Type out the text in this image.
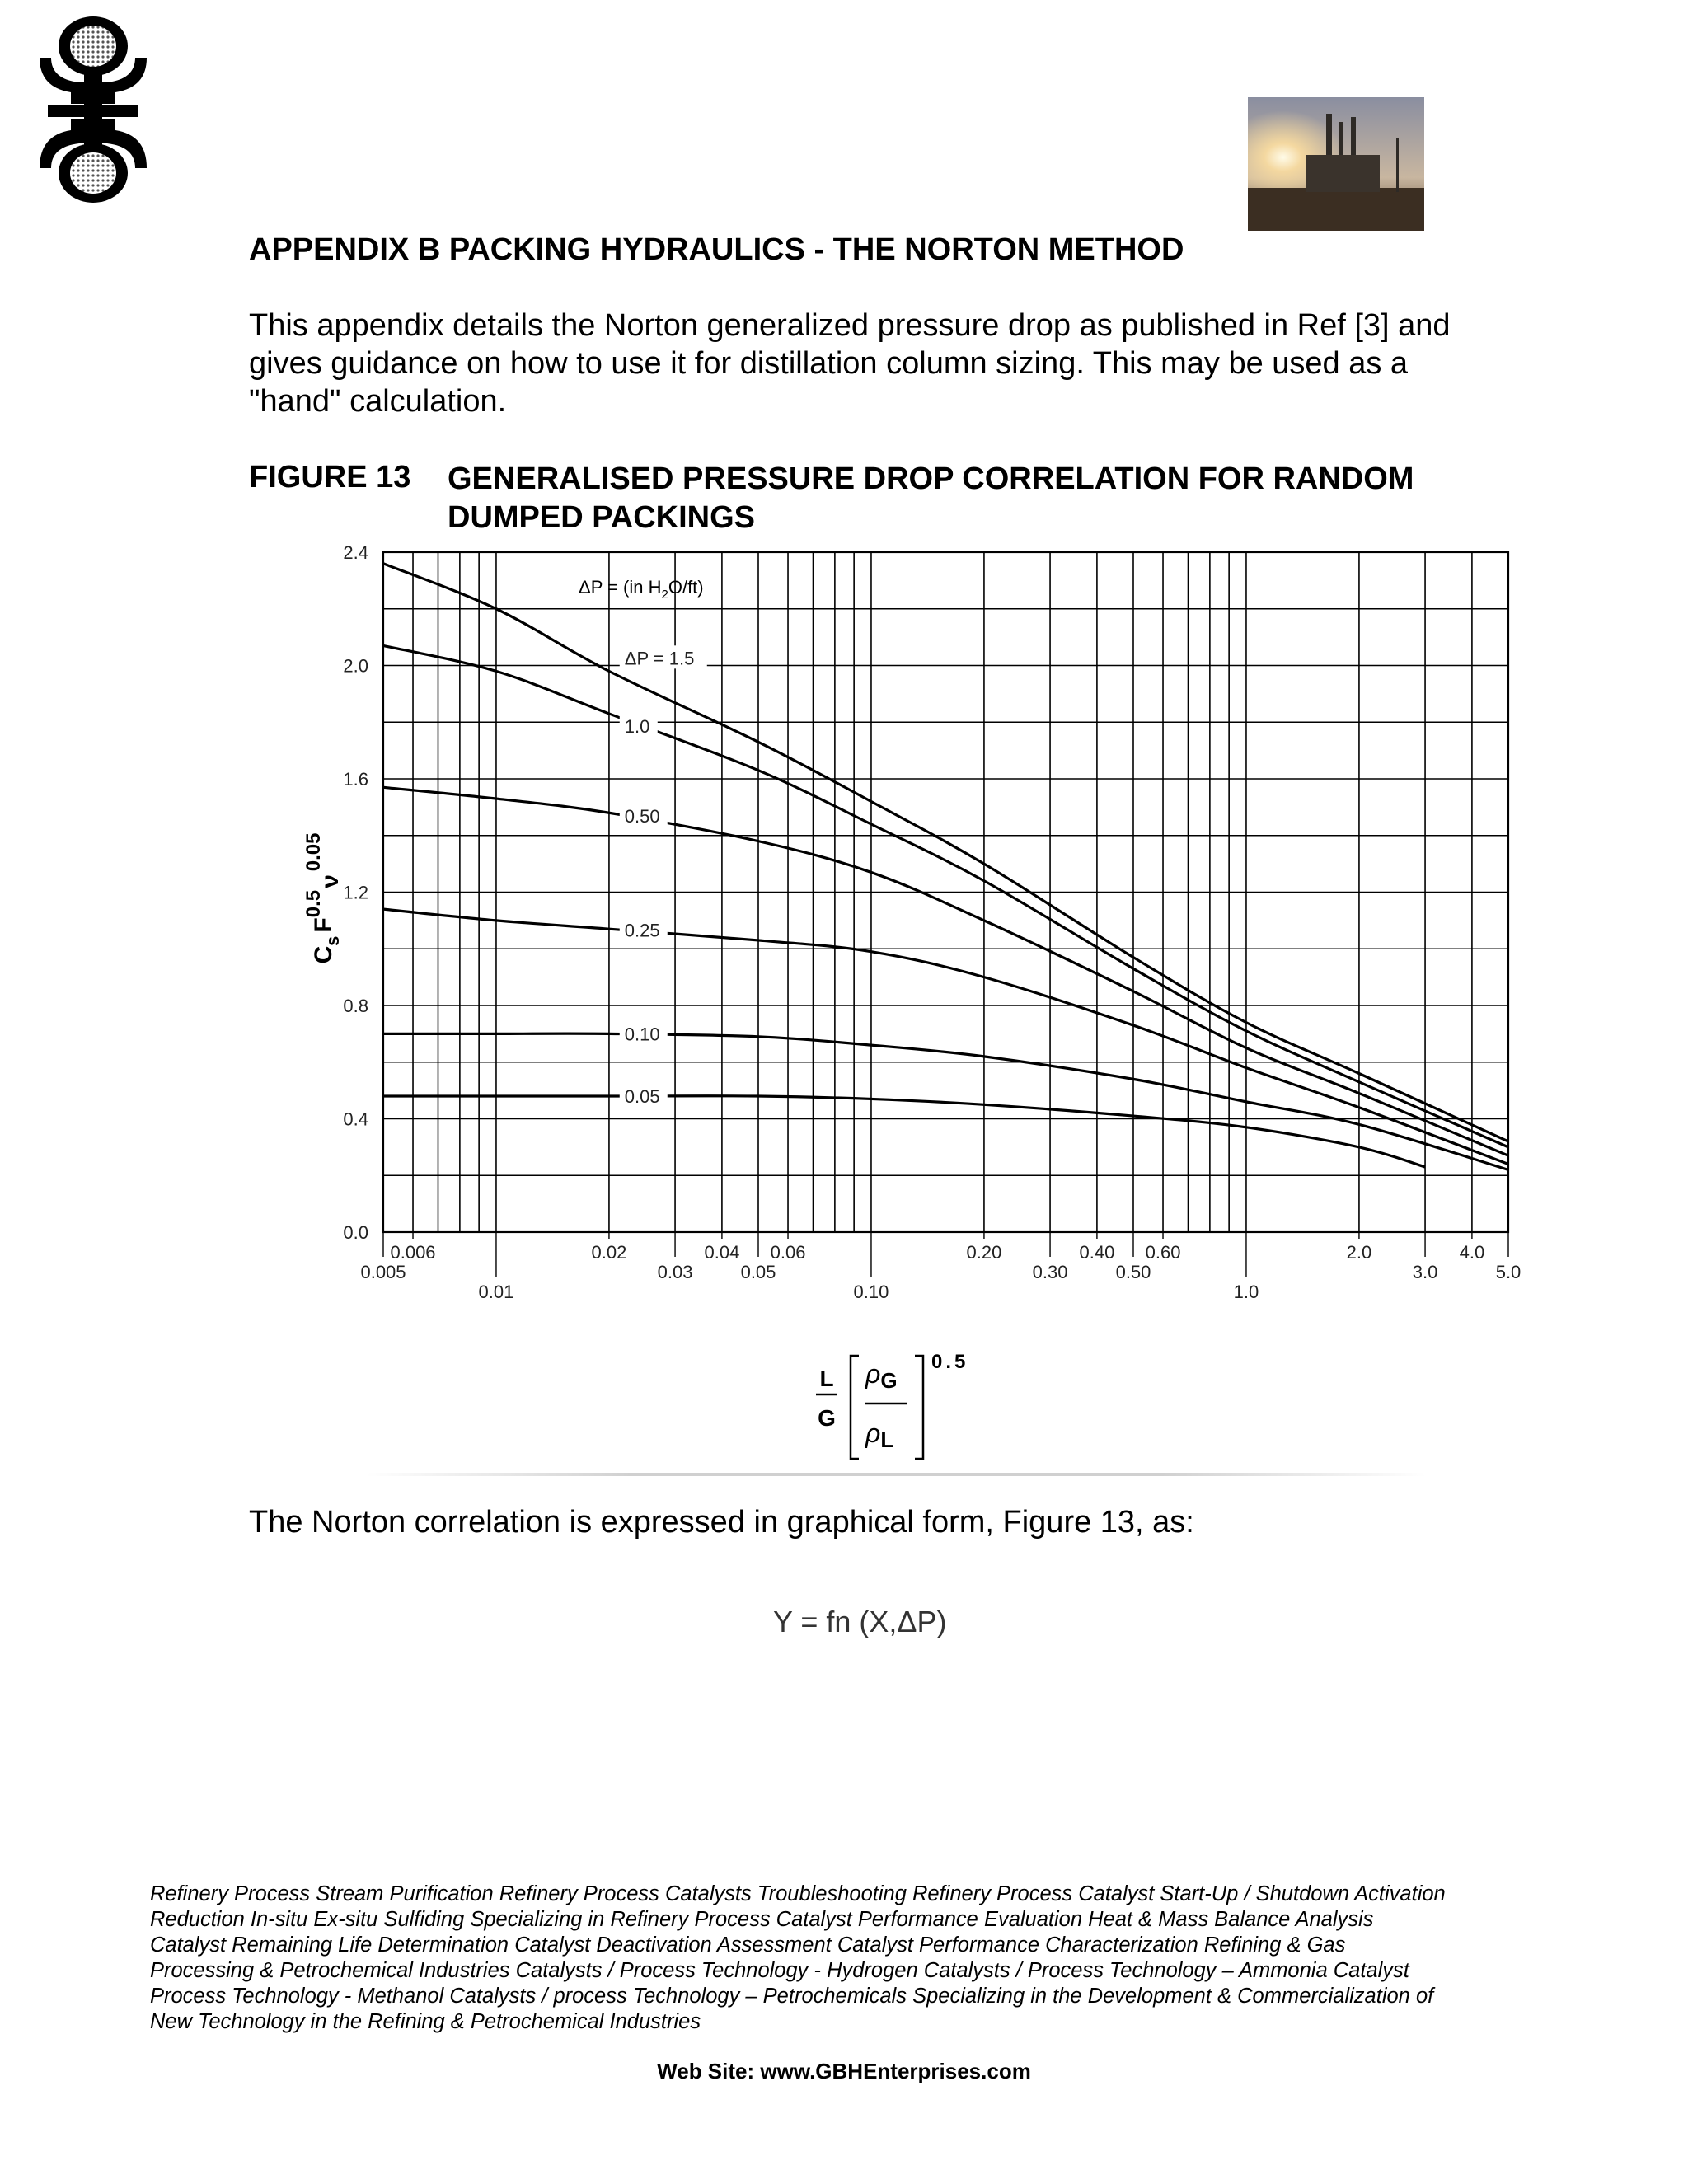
APPENDIX B PACKING HYDRAULICS - THE NORTON METHOD

This appendix details the Norton generalized pressure drop as published in Ref [3] and gives guidance on how to use it for distillation column sizing. This may be used as a "hand" calculation.

FIGURE 13 GENERALISED PRESSURE DROP CORRELATION FOR RANDOM DUMPED PACKINGS
0.0
0.4
0.8
1.2
1.6
2.0
2.4
0.006	0.02	0.04 0.06	0.20	0.40 0.60	2.0	4.0
0.005	0.03	0.05	0.30	0.50	3.0	5.0
0.01	0.10	1.0
ΔP = 1.5
1.0
0.50
0.25
0.10
0.05
ΔP = (in $H_2O/ft$)
$C_sF^{0.5}\nu^{0.05}$
L
G
ρG
ρL
0.5

The Norton correlation is expressed in graphical form, Figure 13, as:

Y = fn (X,ΔP)

Refinery Process Stream Purification Refinery Process Catalysts Troubleshooting Refinery Process Catalyst Start-Up / Shutdown Activation Reduction In-situ Ex-situ Sulfiding Specializing in Refinery Process Catalyst Performance Evaluation Heat & Mass Balance Analysis Catalyst Remaining Life Determination Catalyst Deactivation Assessment Catalyst Performance Characterization Refining & Gas Processing & Petrochemical Industries Catalysts / Process Technology - Hydrogen Catalysts / Process Technology – Ammonia Catalyst Process Technology - Methanol Catalysts / process Technology – Petrochemicals Specializing in the Development & Commercialization of New Technology in the Refining & Petrochemical Industries

Web Site: www.GBHEnterprises.com
